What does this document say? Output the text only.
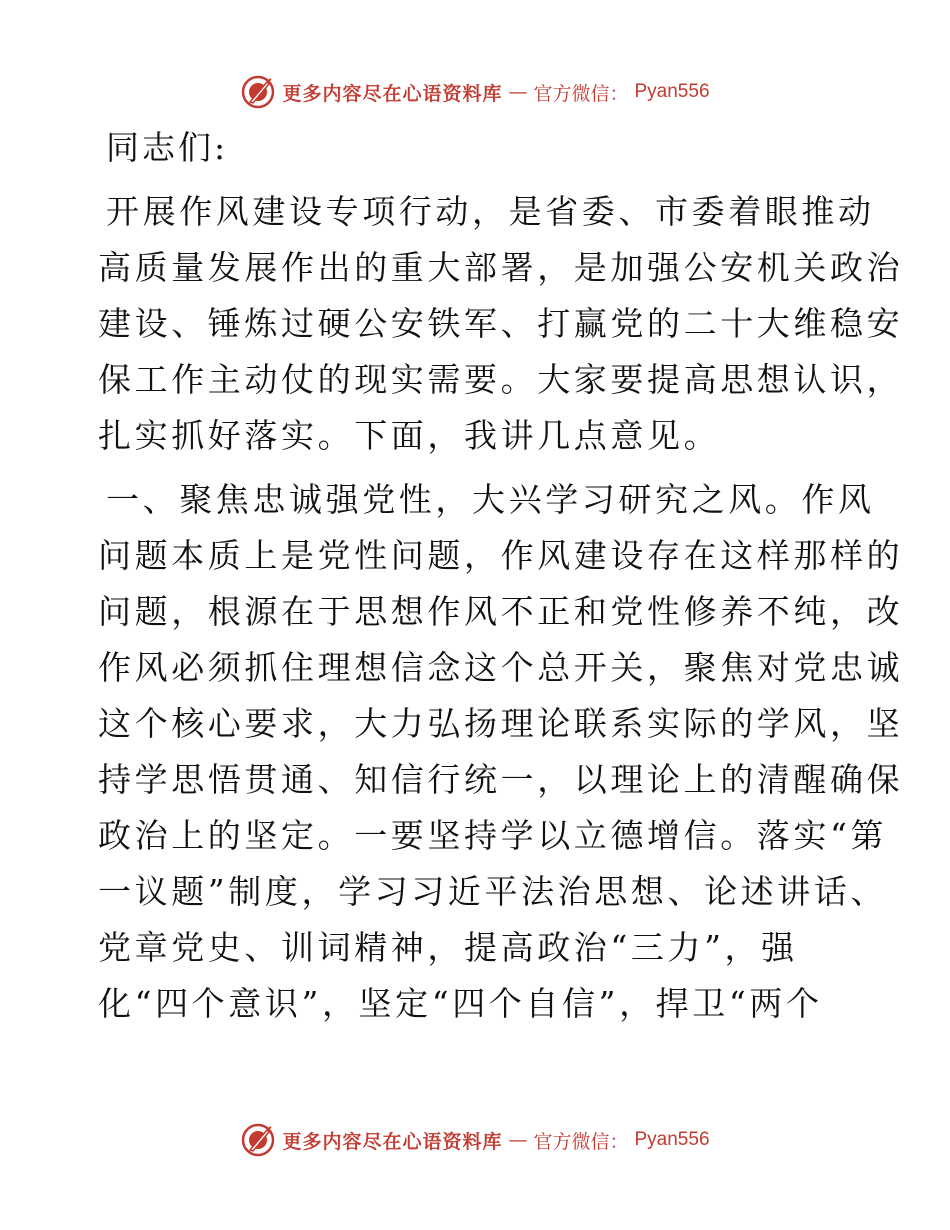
更多内容尽在心语资料库 — 官方微信： Pyan556
同志们:
开展作风建设专项行动，是省委、市委着眼推动
高质量发展作出的重大部署，是加强公安机关政治
建设、锤炼过硬公安铁军、打赢党的二十大维稳安
保工作主动仗的现实需要。大家要提高思想认识，
扎实抓好落实。下面，我讲几点意见。
一、聚焦忠诚强党性，大兴学习研究之风。作风
问题本质上是党性问题，作风建设存在这样那样的
问题，根源在于思想作风不正和党性修养不纯，改
作风必须抓住理想信念这个总开关，聚焦对党忠诚
这个核心要求，大力弘扬理论联系实际的学风，坚
持学思悟贯通、知信行统一，以理论上的清醒确保
政治上的坚定。一要坚持学以立德增信。落实“第
一议题”制度，学习习近平法治思想、论述讲话、
党章党史、训词精神，提高政治“三力”，强
化“四个意识”，坚定“四个自信”，捍卫“两个
更多内容尽在心语资料库 — 官方微信： Pyan556
